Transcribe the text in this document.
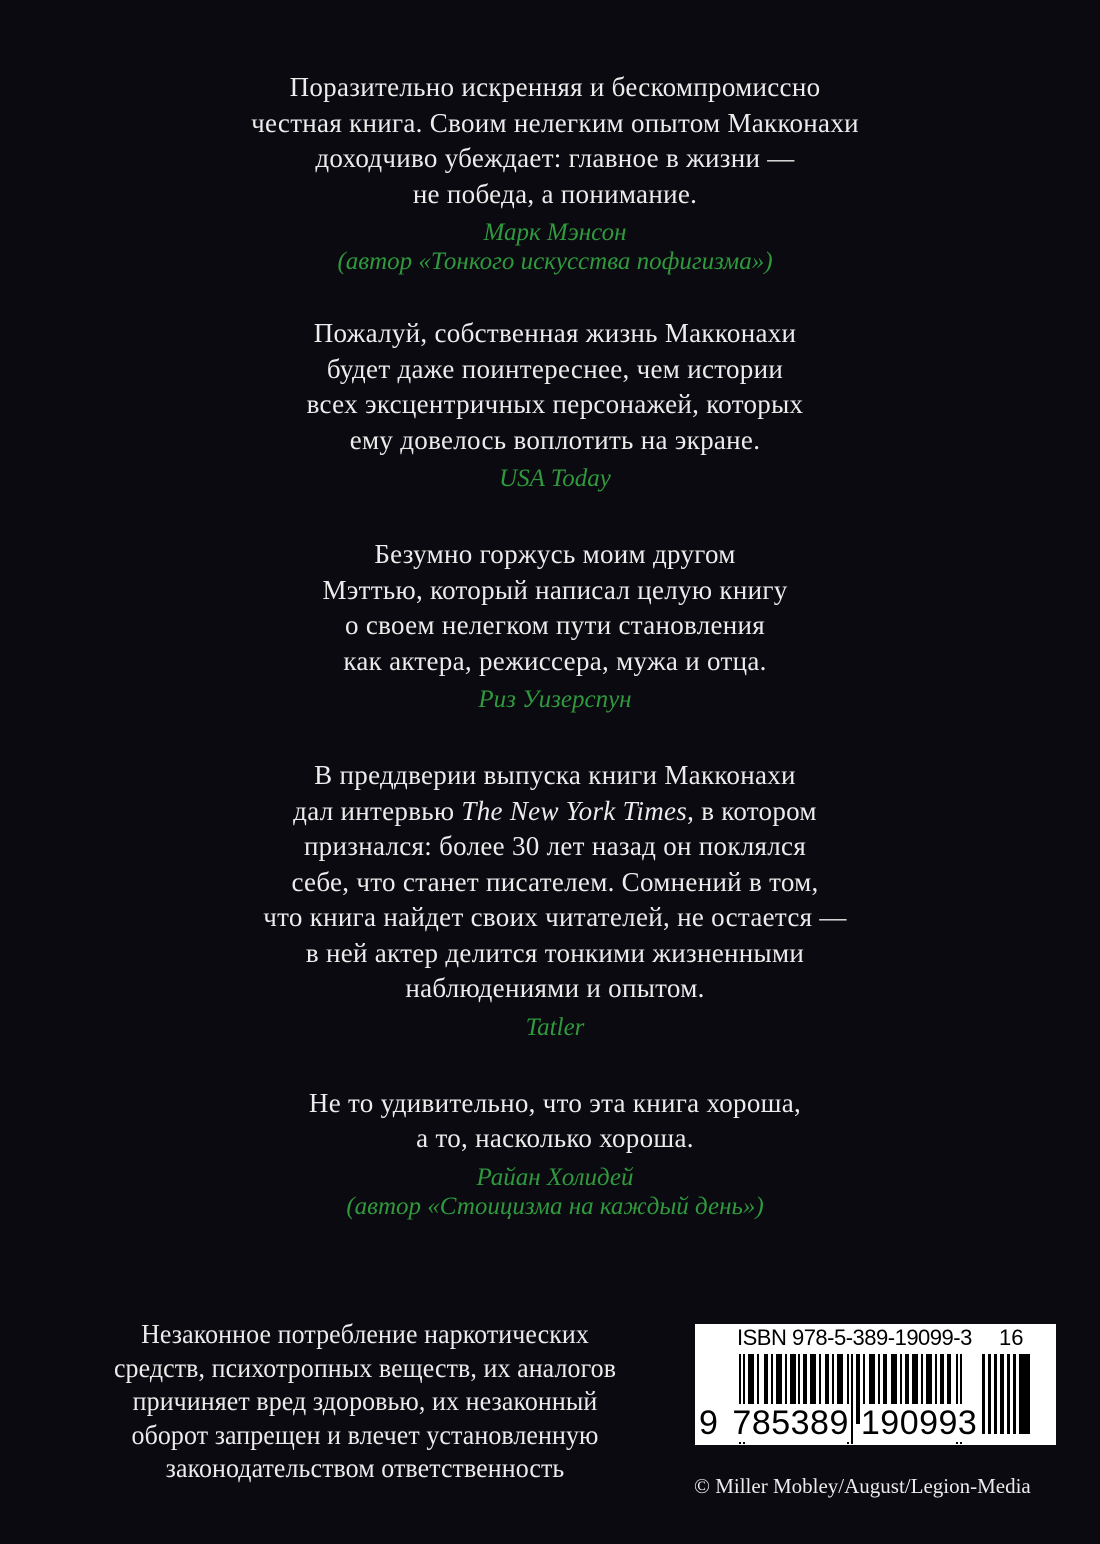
Поразительно искренняя и бескомпромиссно
честная книга. Своим нелегким опытом Макконахи
доходчиво убеждает: главное в жизни —
не победа, а понимание.
Марк Мэнсон
(автор «Тонкого искусства пофигизма»)
Пожалуй, собственная жизнь Макконахи
будет даже поинтереснее, чем истории
всех эксцентричных персонажей, которых
ему довелось воплотить на экране.
USA Today
Безумно горжусь моим другом
Мэттью, который написал целую книгу
о своем нелегком пути становления
как актера, режиссера, мужа и отца.
Риз Уизерспун
В преддверии выпуска книги Макконахи
дал интервью The New York Times, в котором
признался: более 30 лет назад он поклялся
себе, что станет писателем. Сомнений в том,
что книга найдет своих читателей, не остается —
в ней актер делится тонкими жизненными
наблюдениями и опытом.
Tatler
Не то удивительно, что эта книга хороша,
а то, насколько хороша.
Райан Холидей
(автор «Стоицизма на каждый день»)
Незаконное потребление наркотических
средств, психотропных веществ, их аналогов
причиняет вред здоровью, их незаконный
оборот запрещен и влечет установленную
законодательством ответственность
ISBN 978-5-389-19099-3 16
9 785389 190993
© Miller Mobley/August/Legion-Media
